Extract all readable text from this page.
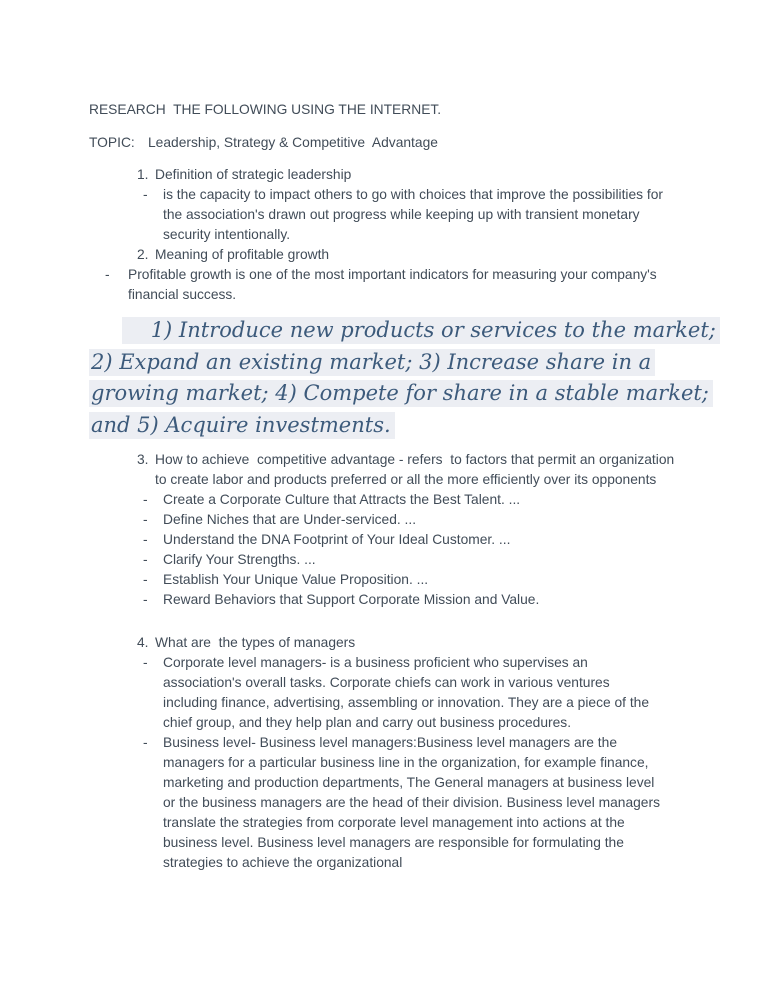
RESEARCH  THE FOLLOWING USING THE INTERNET.

TOPIC: Leadership, Strategy & Competitive  Advantage

1. Definition of strategic leadership
-	is the capacity to impact others to go with choices that improve the possibilities for the association's drawn out progress while keeping up with transient monetary security intentionally.
2. Meaning of profitable growth
-	Profitable growth is one of the most important indicators for measuring your company's financial success.
1) Introduce new products or services to the market;
2) Expand an existing market; 3) Increase share in a
growing market; 4) Compete for share in a stable market;
and 5) Acquire investments.
3. How to achieve  competitive advantage - refers  to factors that permit an organization to create labor and products preferred or all the more efficiently over its opponents
-	Create a Corporate Culture that Attracts the Best Talent. ...
-	Define Niches that are Under-serviced. ...
-	Understand the DNA Footprint of Your Ideal Customer. ...
-	Clarify Your Strengths. ...
-	Establish Your Unique Value Proposition. ...
-	Reward Behaviors that Support Corporate Mission and Value.
4. What are  the types of managers
-	Corporate level managers- is a business proficient who supervises an association's overall tasks. Corporate chiefs can work in various ventures including finance, advertising, assembling or innovation. They are a piece of the chief group, and they help plan and carry out business procedures.
-	Business level- Business level managers:Business level managers are the managers for a particular business line in the organization, for example finance, marketing and production departments, The General managers at business level or the business managers are the head of their division. Business level managers translate the strategies from corporate level management into actions at the business level. Business level managers are responsible for formulating the strategies to achieve the organizational
